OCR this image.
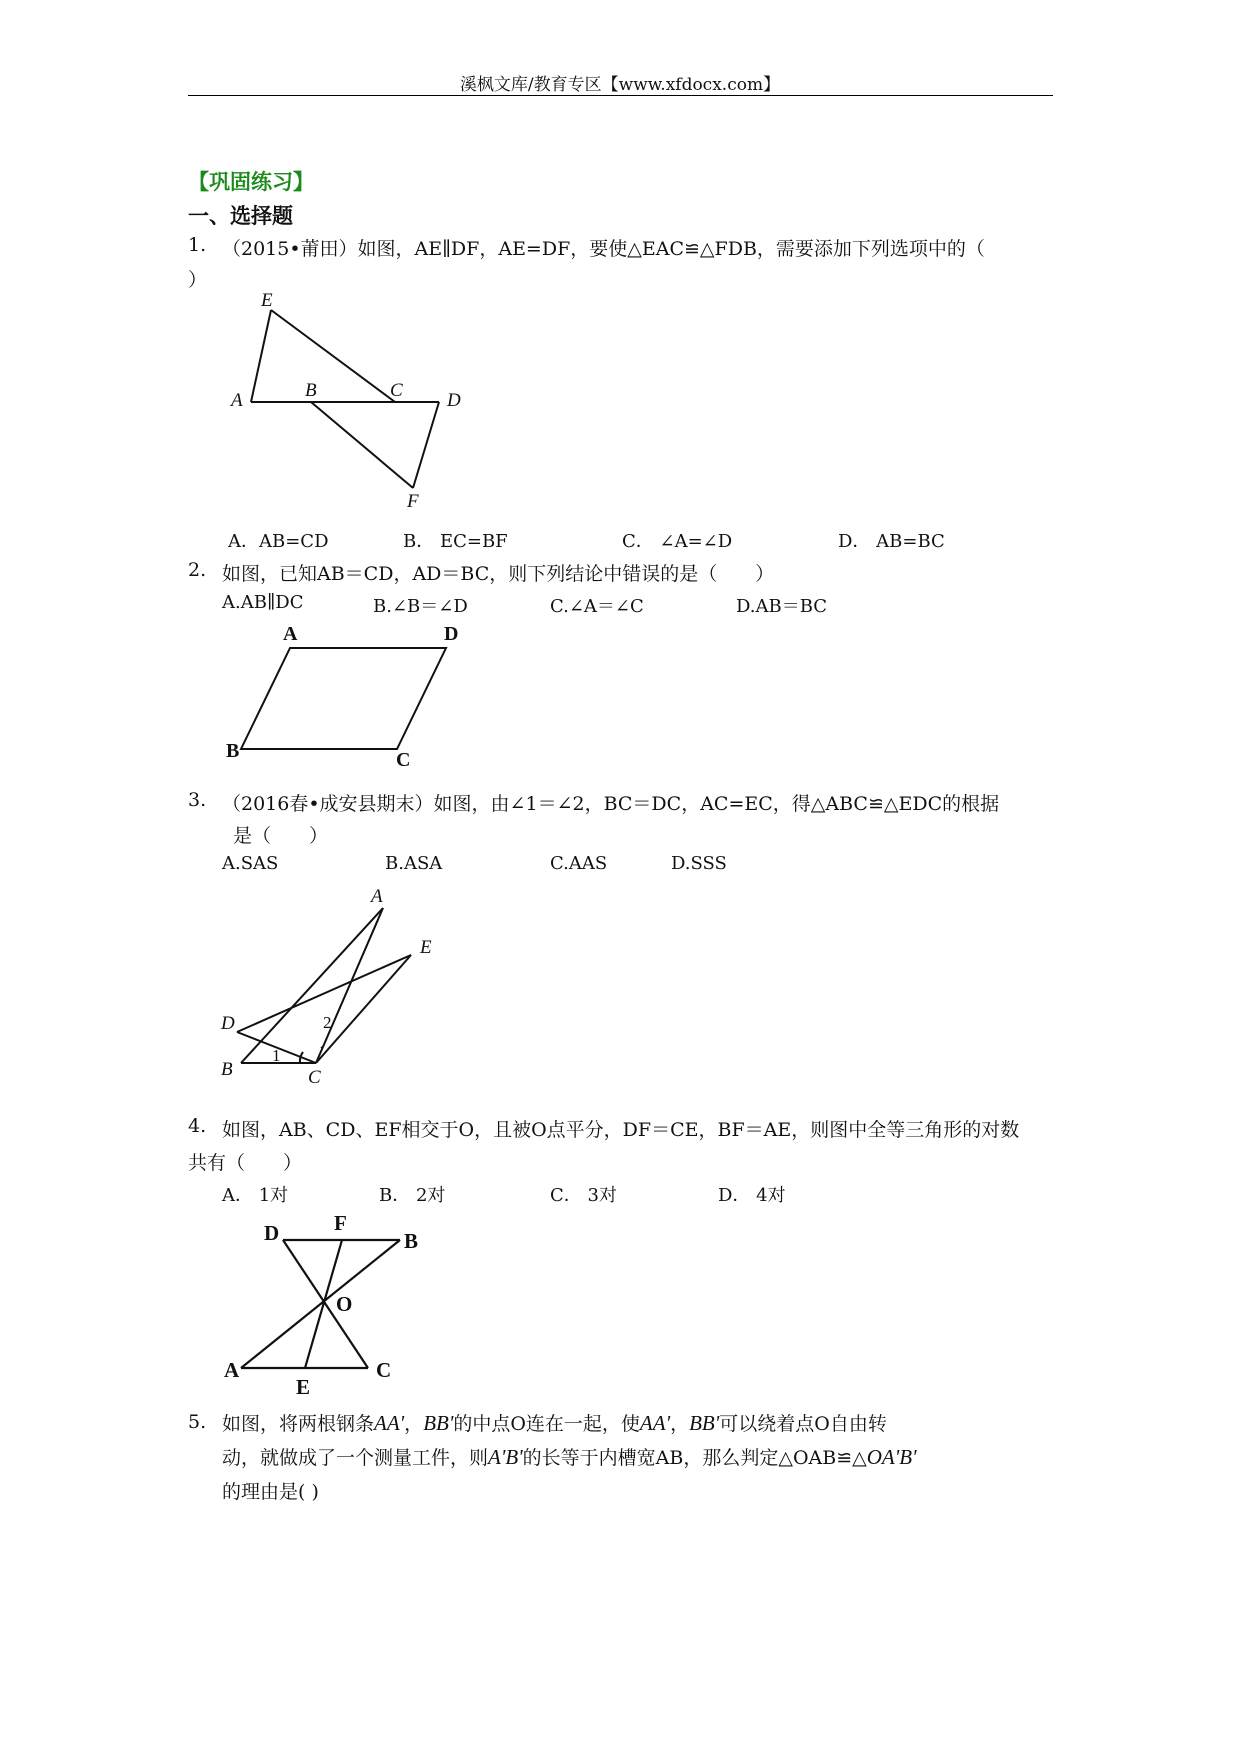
溪枫文库/教育专区【www.xfdocx.com】
【巩固练习】
一、选择题
1. （2015•莆田）如图，AE∥DF，AE=DF，要使△EAC≌△FDB，需要添加下列选项中的（
）
E
A	B	C D
F
A．AB=CD	B． EC=BF	C． ∠A=∠D	D． AB=BC
2. 如图，已知AB＝CD，AD＝BC，则下列结论中错误的是（　　）
A.AB∥DC	B.∠B＝∠D	C.∠A＝∠C	D.AB＝BC
A	D
B	C
3. （2016春•成安县期末）如图，由∠1＝∠2，BC＝DC，AC=EC，得△ABC≌△EDC的根据
是（　　）
A.SAS	B.ASA	C.AAS	D.SSS
A
E
D	2
B
1
C
4. 如图，AB、CD、EF相交于O，且被O点平分，DF＝CE，BF＝AE，则图中全等三角形的对数
共有（　　）
A． 1对	B． 2对	C． 3对	D． 4对
D	F
B
O
A
E
C
5. 如图，将两根钢条AA'，BB'的中点O连在一起，使AA'，BB'可以绕着点O自由转
动，就做成了一个测量工件，则A'B'的长等于内槽宽AB，那么判定△OAB≌△OA'B'
的理由是( )
